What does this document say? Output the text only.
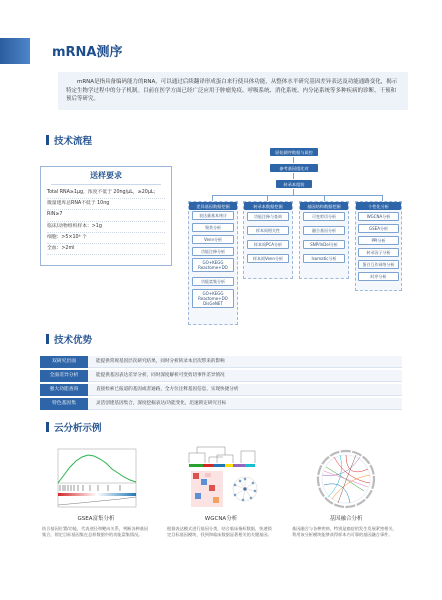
mRNA测序
mRNA是指具备编码能力的RNA，可以通过后续翻译形成蛋白来行使具体功能，从整体水平研究基因差异表达及功能通路变化，揭示特定生物学过程中的分子机制。目前在医学方面已经广泛应用于肿瘤免疫、呼吸系统、消化系统、内分泌系统等多种疾病的诊断、干预和预后等研究。
技术流程
送样要求
Total RNA≥1μg，浓度不低于 20ng/μL，≥20μL；
微量建库总RNA不低于 10ng
RIN≥7
临床/动物组织样本：>1g
细胞：>5×10⁶ 个
全血：>2ml
原始测序数据与质控
参考基因组比对
转录本组装
差异基因数据挖掘
表达量基本统计
聚类分析
Venn分析
功能注释分析
GO+KEGG Reactome+DO
功能富集分析
GO+KEGG Reactome+DO DisGeNET
转录本数据挖掘
功能注释与查询
样本间相关性
样本间PCA分析
样本间Venn分析
基因结构数据挖掘
可变剪切分析
融合基因分析
SNP/InDel分析
Isomatic分析
个性化分析
WGCNA分析
GSEA分析
PPI分析
转录因子分析
蛋白互作网络分析
时序分析
技术优势
双研究层面	能提供常规基因层次研究结果，同时分析转录本层次带来的影响
全面差异分析	能提供基因表达差异分析，同时深度解析可变剪切事件差异情况
强大功能查询	直接检索已报道的基因或者通路，全方位注释基因信息，实现快捷分析
特色基因集	灵活创建基因集合，深度挖掘表达/功能变化，迅速锁定研究目标
云分析示例
GSEA富集分析
结合基因位置/功能，代表途径和靶向关系，判断各种基因集合，锁定目标基因集在总样数据中的功能富集情况。
WGCNA分析
根据表达模式进行基因分类，结合临床指标数据，快速锁定目标基因模块，找到和临床数据显著相关的关键基因。
基因融合分析
基因融合与各种疾病，特别是癌症的发生发展紧密相关，利用该分析模块能够获得样本内可靠的基因融合事件。
